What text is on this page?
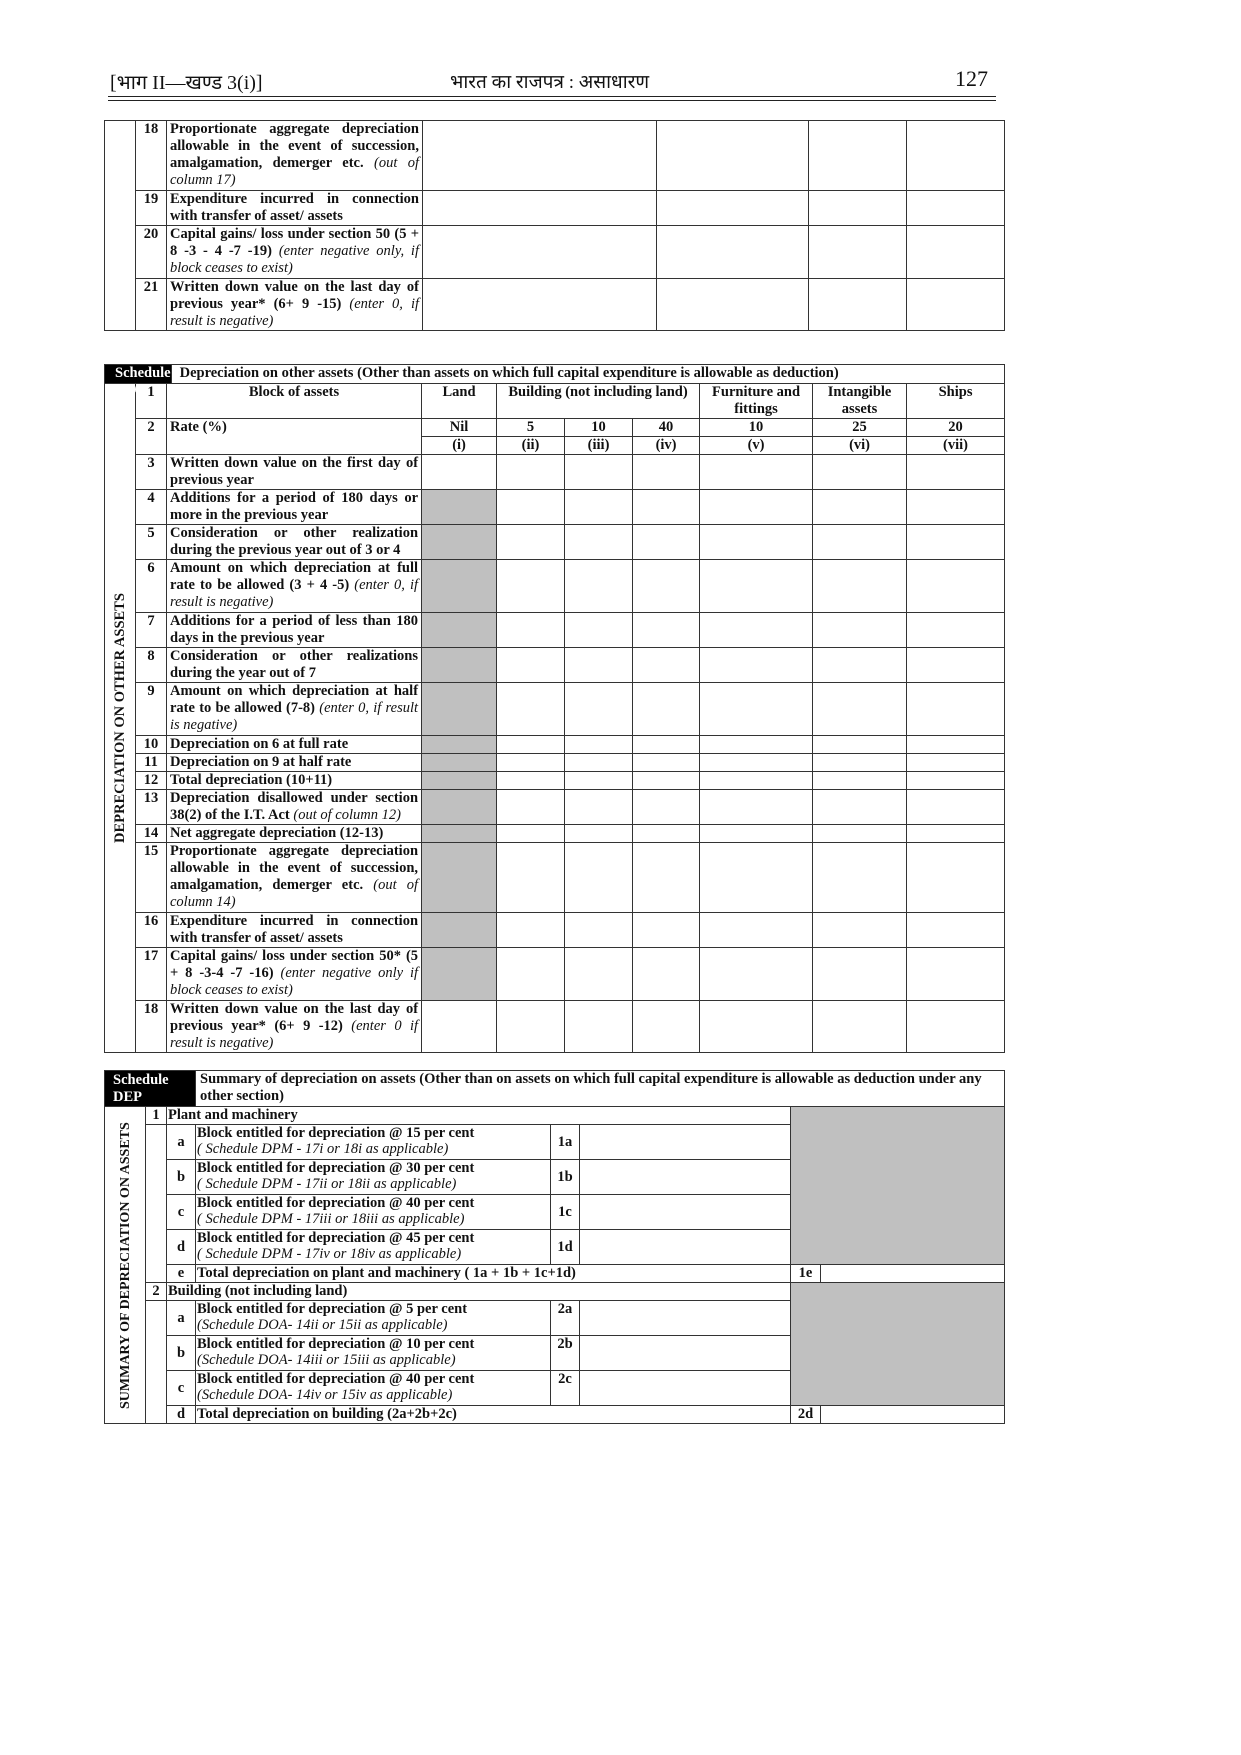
[भाग II—खण्ड 3(i)]	भारत का राजपत्र : असाधारण	127
	18	Proportionate aggregate depreciation allowable in the event of succession, amalgamation, demerger etc. (out of column 17)				
	19	Expenditure incurred in connection with transfer of asset/ assets				
	20	Capital gains/ loss under section 50 (5 + 8 -3 - 4 -7 -19) (enter negative only, if block ceases to exist)				
	21	Written down value on the last day of previous year* (6+ 9 -15) (enter 0, if result is negative)				
Schedule DOA
Depreciation on other assets (Other than assets on which full capital expenditure is allowable as deduction)									

DEPRECIATION ON OTHER ASSETS	1	Block of assets	Land	Building (not including land)			Furniture and fittings	Intangible assets	Ships
	2	Rate (%)	Nil	5	10	40	10	25	20
			(i)	(ii)	(iii)	(iv)	(v)	(vi)	(vii)
	3	Written down value on the first day of previous year							
	4	Additions for a period of 180 days or more in the previous year							
	5	Consideration or other realization during the previous year out of 3 or 4							
	6	Amount on which depreciation at full rate to be allowed (3 + 4 -5) (enter 0, if result is negative)							
	7	Additions for a period of less than 180 days in the previous year							
	8	Consideration or other realizations during the year out of 7							
	9	Amount on which depreciation at half rate to be allowed (7-8) (enter 0, if result is negative)							
	10	Depreciation on 6 at full rate							
	11	Depreciation on 9 at half rate							
	12	Total depreciation (10+11)							
	13	Depreciation disallowed under section 38(2) of the I.T. Act (out of column 12)							
	14	Net aggregate depreciation (12-13)							
	15	Proportionate aggregate depreciation allowable in the event of succession, amalgamation, demerger etc. (out of column 14)							
	16	Expenditure incurred in connection with transfer of asset/ assets							
	17	Capital gains/ loss under section 50* (5 + 8 -3-4 -7 -16) (enter negative only if block ceases to exist)							
	18	Written down value on the last day of previous year* (6+ 9 -12) (enter 0 if result is negative)							
Schedule DEP			Summary of depreciation on assets (Other than on assets on which full capital expenditure is allowable as deduction under any other section)				
SUMMARY OF DEPRECIATION ON ASSETS	1	Plant and machinery					
		a	Block entitled for depreciation @ 15 per cent
( Schedule DPM - 17i or 18i as applicable)	1a			
		b	Block entitled for depreciation @ 30 per cent
( Schedule DPM - 17ii or 18ii as applicable)	1b			
		c	Block entitled for depreciation @ 40 per cent
( Schedule DPM - 17iii or 18iii as applicable)	1c			
		d	Block entitled for depreciation @ 45 per cent
( Schedule DPM - 17iv or 18iv as applicable)	1d			
		e	Total depreciation on plant and machinery ( 1a + 1b + 1c+1d)			1e	
	2	Building (not including land)					
		a	Block entitled for depreciation @ 5 per cent
(Schedule DOA- 14ii or 15ii as applicable)	2a			
		b	Block entitled for depreciation @ 10 per cent
(Schedule DOA- 14iii or 15iii as applicable)	2b			
		c	Block entitled for depreciation @ 40 per cent
(Schedule DOA- 14iv or 15iv as applicable)	2c			
		d	Total depreciation on building (2a+2b+2c)			2d	
